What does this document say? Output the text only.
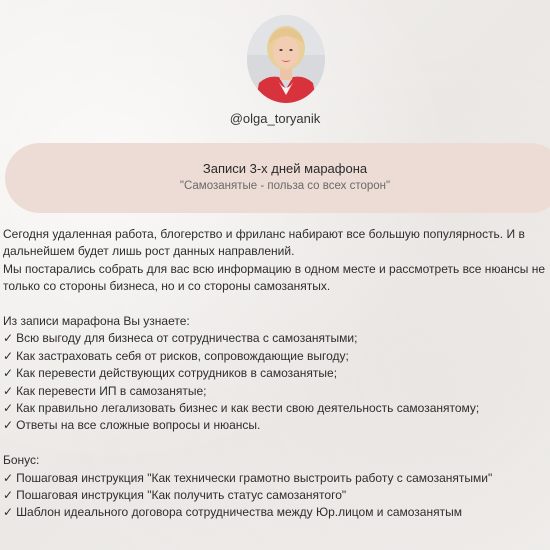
@olga_toryanik
Записи 3-х дней марафона
"Самозанятые - польза со всех сторон"

Сегодня удаленная работа, блогерство и фриланс набирают все большую популярность. И в дальнейшем будет лишь рост данных направлений.

Мы постарались собрать для вас всю информацию в одном месте и рассмотреть все нюансы не только со стороны бизнеса, но и со стороны самозанятых.

Из записи марафона Вы узнаете:

✓ Всю выгоду для бизнеса от сотрудничества с самозанятыми;
✓ Как застраховать себя от рисков, сопровождающие выгоду;
✓ Как перевести действующих сотрудников в самозанятые;
✓ Как перевести ИП в самозанятые;
✓ Как правильно легализовать бизнес и как вести свою деятельность самозанятому;
✓ Ответы на все сложные вопросы и нюансы.

Бонус:

✓ Пошаговая инструкция "Как технически грамотно выстроить работу с самозанятыми"
✓ Пошаговая инструкция "Как получить статус самозанятого"
✓ Шаблон идеального договора сотрудничества между Юр.лицом и самозанятым
